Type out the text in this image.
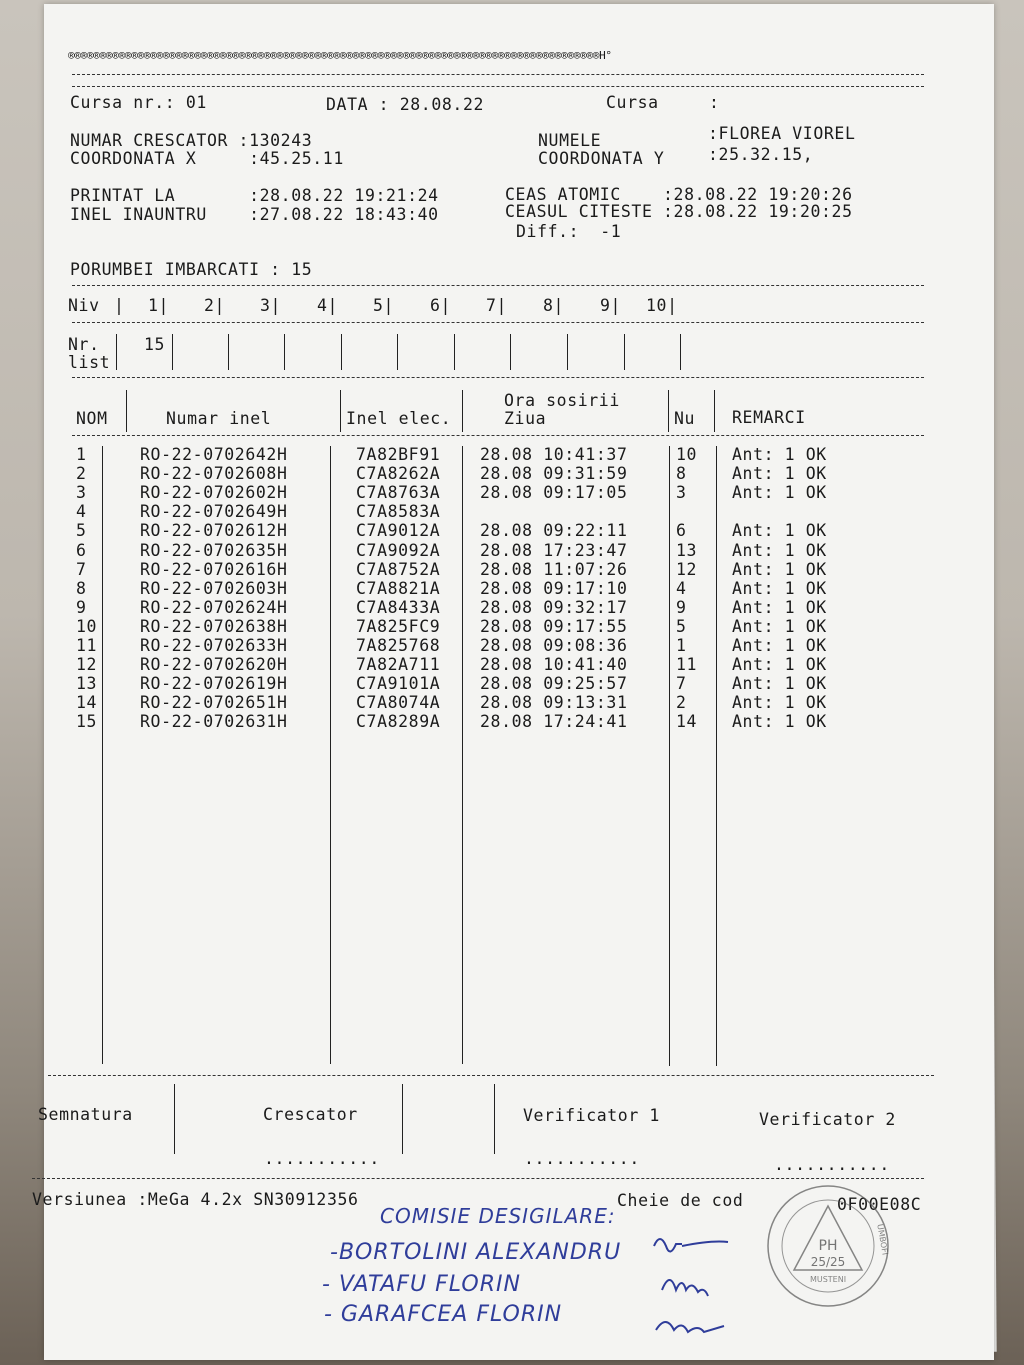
®®®®®®®®®®®®®®®®®®®®®®®®®®®®®®®®®®®®®®®®®®®®®®®®®®®®®®®®®®®®®®®®®®®®®®®®®®®®®®®®®®®®H°
Cursa nr.: 01	DATA : 28.08.22	Cursa	:
NUMAR CRESCATOR :130243	NUMELE	:FLOREA VIOREL
COORDONATA X     :45.25.11	COORDONATA Y	:25.32.15,
PRINTAT LA       :28.08.22 19:21:24
INEL INAUNTRU    :27.08.22 18:43:40
CEAS ATOMIC    :28.08.22 19:20:26
CEASUL CITESTE :28.08.22 19:20:25
Diff.:  -1
PORUMBEI IMBARCATI : 15
Niv	1| 2| 3| 4| 5| 6| 7| 8| 9| 10|
|
Nr.
list
15
NOM	Numar inel	Inel elec.
Ora sosirii
Ziua	Nu REMARCI
1	RO-22-0702642H	7A82BF91 28.08 10:41:37	10 Ant: 1 OK
2	RO-22-0702608H	C7A8262A 28.08 09:31:59	8	Ant: 1 OK
3	RO-22-0702602H	C7A8763A 28.08 09:17:05	3	Ant: 1 OK
4	RO-22-0702649H	C7A8583A
5	RO-22-0702612H	C7A9012A 28.08 09:22:11	6	Ant: 1 OK
6	RO-22-0702635H	C7A9092A 28.08 17:23:47	13 Ant: 1 OK
7	RO-22-0702616H	C7A8752A 28.08 11:07:26	12 Ant: 1 OK
8	RO-22-0702603H	C7A8821A 28.08 09:17:10	4	Ant: 1 OK
9	RO-22-0702624H	C7A8433A 28.08 09:32:17	9	Ant: 1 OK
10	RO-22-0702638H	7A825FC9 28.08 09:17:55	5	Ant: 1 OK
11	RO-22-0702633H	7A825768 28.08 09:08:36	1	Ant: 1 OK
12	RO-22-0702620H	7A82A711 28.08 10:41:40	11 Ant: 1 OK
13	RO-22-0702619H	C7A9101A 28.08 09:25:57	7	Ant: 1 OK
14	RO-22-0702651H	C7A8074A 28.08 09:13:31	2	Ant: 1 OK
15	RO-22-0702631H	C7A8289A 28.08 17:24:41	14 Ant: 1 OK
Semnatura	Crescator	Verificator 1	Verificator 2
...........	...........	...........
Versiunea :MeGa 4.2x SN30912356	Cheie de cod	0F00E08C
COMISIE DESIGILARE:
-BORTOLINI ALEXANDRU
- VATAFU FLORIN
- GARAFCEA FLORIN
PH
25/25
MUSTENI
UMBOFI
